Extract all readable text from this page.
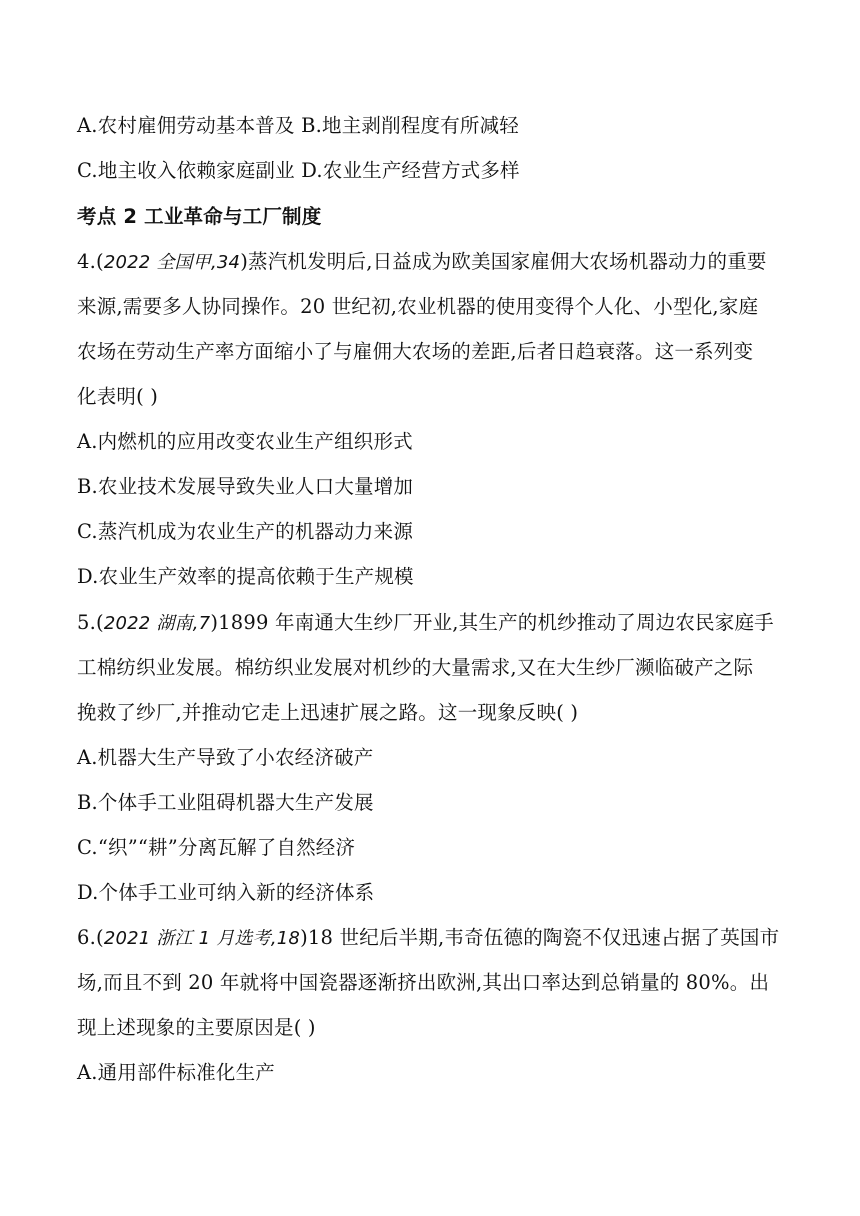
A.农村雇佣劳动基本普及 B.地主剥削程度有所减轻
C.地主收入依赖家庭副业 D.农业生产经营方式多样
考点 2 工业革命与工厂制度
4.(2022 全国甲,34)蒸汽机发明后,日益成为欧美国家雇佣大农场机器动力的重要
来源,需要多人协同操作。20 世纪初,农业机器的使用变得个人化、小型化,家庭
农场在劳动生产率方面缩小了与雇佣大农场的差距,后者日趋衰落。这一系列变
化表明( )
A.内燃机的应用改变农业生产组织形式
B.农业技术发展导致失业人口大量增加
C.蒸汽机成为农业生产的机器动力来源
D.农业生产效率的提高依赖于生产规模
5.(2022 湖南,7)1899 年南通大生纱厂开业,其生产的机纱推动了周边农民家庭手
工棉纺织业发展。棉纺织业发展对机纱的大量需求,又在大生纱厂濒临破产之际
挽救了纱厂,并推动它走上迅速扩展之路。这一现象反映( )
A.机器大生产导致了小农经济破产
B.个体手工业阻碍机器大生产发展
C.“织”“耕”分离瓦解了自然经济
D.个体手工业可纳入新的经济体系
6.(2021 浙江 1 月选考,18)18 世纪后半期,韦奇伍德的陶瓷不仅迅速占据了英国市
场,而且不到 20 年就将中国瓷器逐渐挤出欧洲,其出口率达到总销量的 80%。出
现上述现象的主要原因是( )
A.通用部件标准化生产
